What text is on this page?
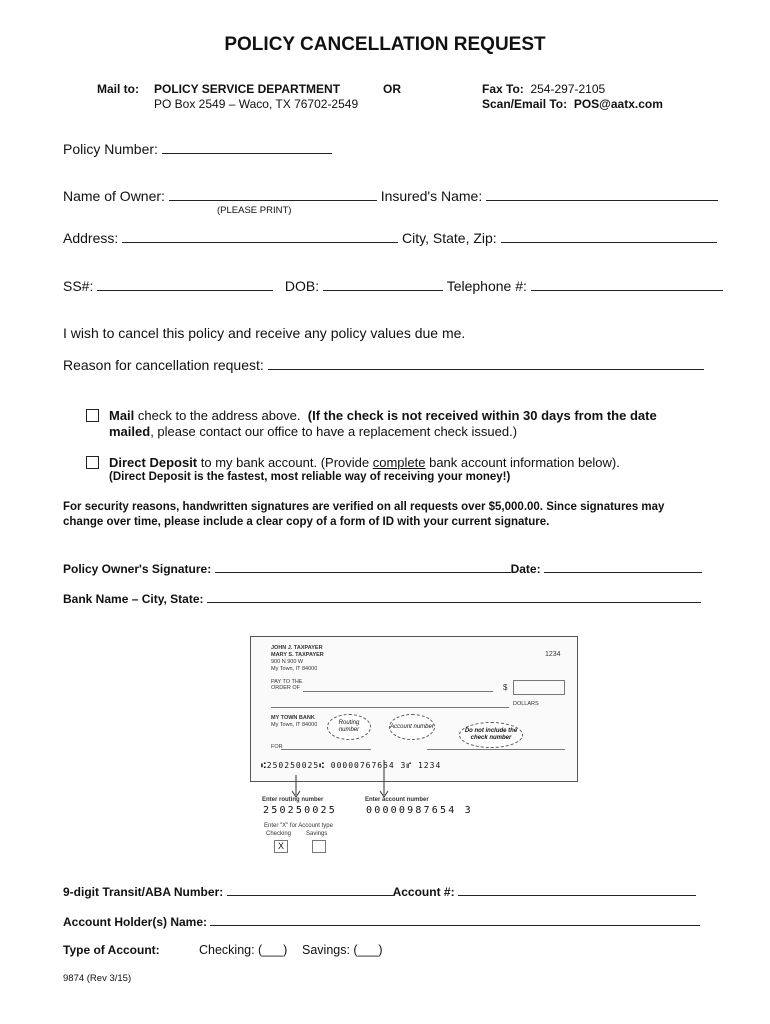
POLICY CANCELLATION REQUEST
Mail to: POLICY SERVICE DEPARTMENT
PO Box 2549 – Waco, TX 76702-2549
OR	Fax To: 254-297-2105
Scan/Email To: POS@aatx.com
Policy Number:
Name of Owner:	Insured's Name:
(PLEASE PRINT)
Address:	City, State, Zip:
SS#:	DOB:	Telephone #:
I wish to cancel this policy and receive any policy values due me.
Reason for cancellation request:
Mail check to the address above. (If the check is not received within 30 days from the date
mailed, please contact our office to have a replacement check issued.)
Direct Deposit to my bank account. (Provide complete bank account information below).
(Direct Deposit is the fastest, most reliable way of receiving your money!)
For security reasons, handwritten signatures are verified on all requests over $5,000.00. Since signatures may
change over time, please include a clear copy of a form of ID with your current signature.
Policy Owner's Signature:	Date:
Bank Name – City, State:
JOHN J. TAXPAYER
MARY S. TAXPAYER
900 N 900 W
My Town, IT 84000
1234
PAY TO THE
ORDER OF	$
DOLLARS
MY TOWN BANK
My Town, IT 84000	Routing number
Account number
Do not include the check number
FOR
⑆250250025⑆ 00000767654 3⑈ 1234
Enter routing number	Enter account number
250250025	00000987654 3
Enter "X" for Account type
Checking Savings
X
9-digit Transit/ABA Number:	Account #:
Account Holder(s) Name:
Type of Account:	Checking: (___) Savings: (___)
9874 (Rev 3/15)
